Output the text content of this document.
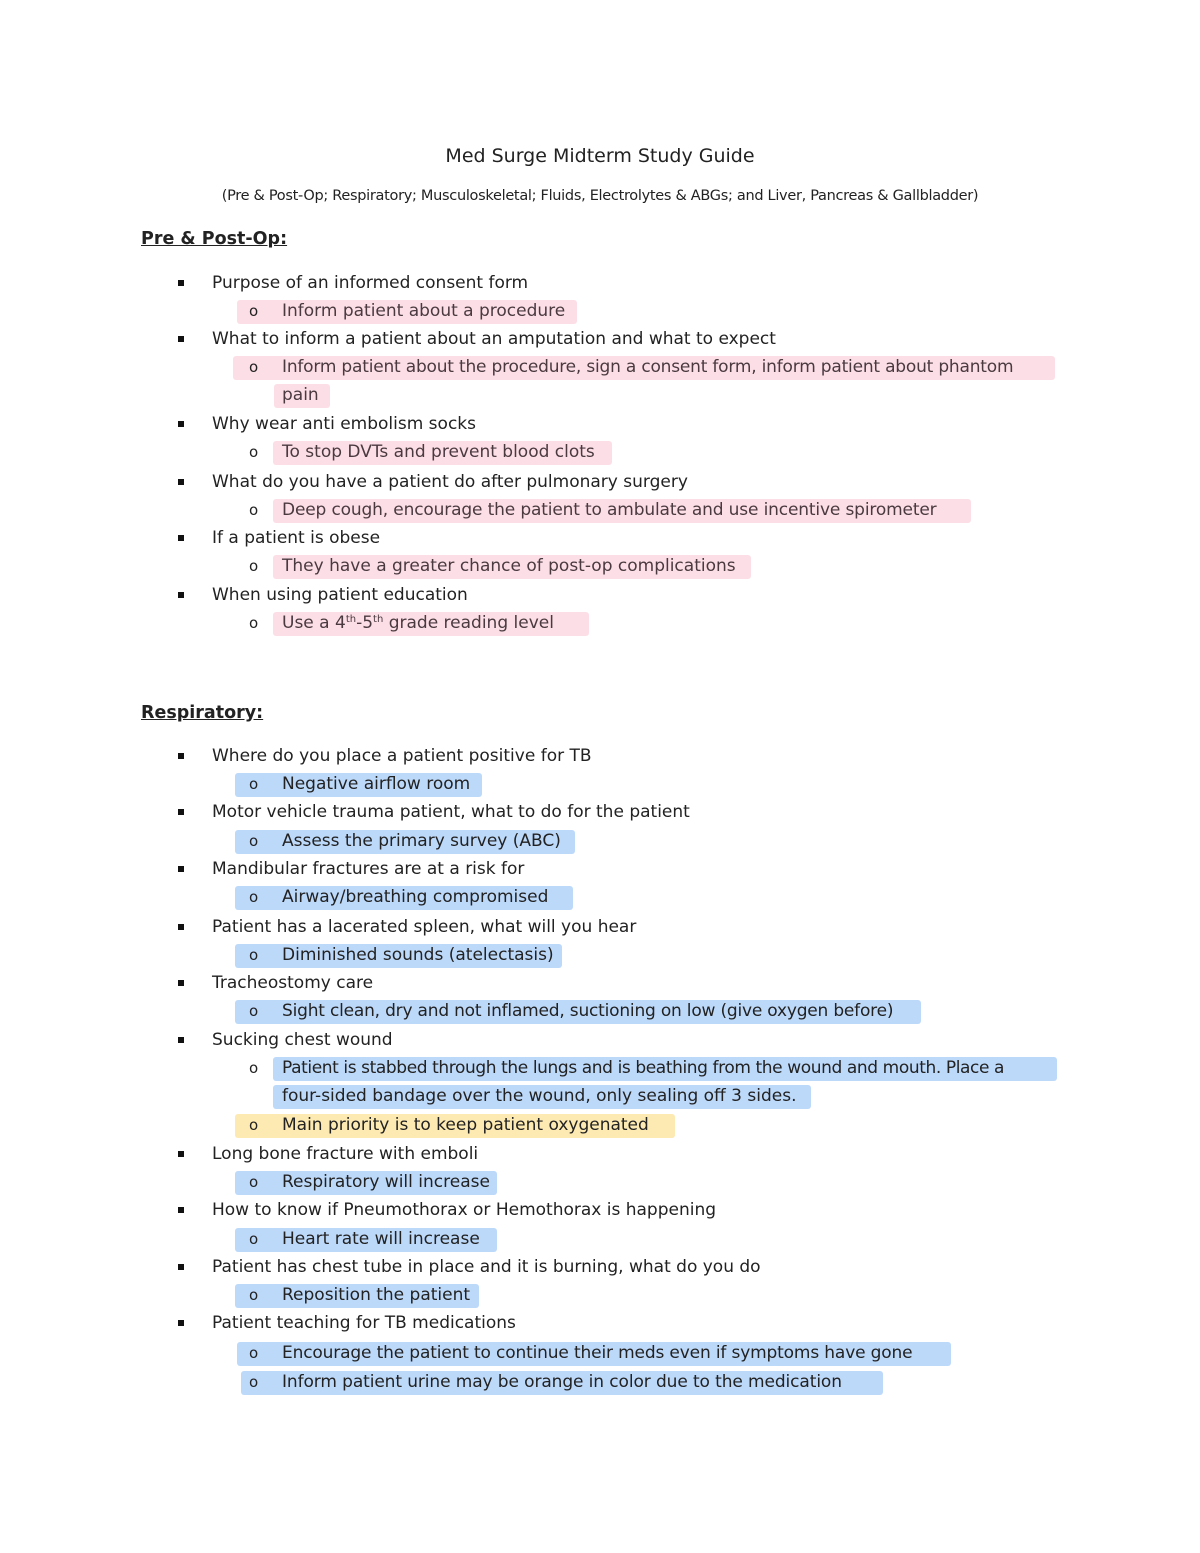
Med Surge Midterm Study Guide
(Pre & Post-Op; Respiratory; Musculoskeletal; Fluids, Electrolytes & ABGs; and Liver, Pancreas & Gallbladder)
Pre & Post-Op:
Purpose of an informed consent form
o Inform patient about a procedure
What to inform a patient about an amputation and what to expect
o Inform patient about the procedure, sign a consent form, inform patient about phantom
pain
Why wear anti embolism socks
o To stop DVTs and prevent blood clots
What do you have a patient do after pulmonary surgery
o Deep cough, encourage the patient to ambulate and use incentive spirometer
If a patient is obese
o They have a greater chance of post-op complications
When using patient education
o Use a 4th-5th grade reading level
Respiratory:
Where do you place a patient positive for TB
o Negative airflow room
Motor vehicle trauma patient, what to do for the patient
o Assess the primary survey (ABC)
Mandibular fractures are at a risk for
o Airway/breathing compromised
Patient has a lacerated spleen, what will you hear
o Diminished sounds (atelectasis)
Tracheostomy care
o Sight clean, dry and not inflamed, suctioning on low (give oxygen before)
Sucking chest wound
o Patient is stabbed through the lungs and is beathing from the wound and mouth. Place a
four-sided bandage over the wound, only sealing off 3 sides.
o Main priority is to keep patient oxygenated
Long bone fracture with emboli
o Respiratory will increase
How to know if Pneumothorax or Hemothorax is happening
o Heart rate will increase
Patient has chest tube in place and it is burning, what do you do
o Reposition the patient
Patient teaching for TB medications
o Encourage the patient to continue their meds even if symptoms have gone
o Inform patient urine may be orange in color due to the medication
